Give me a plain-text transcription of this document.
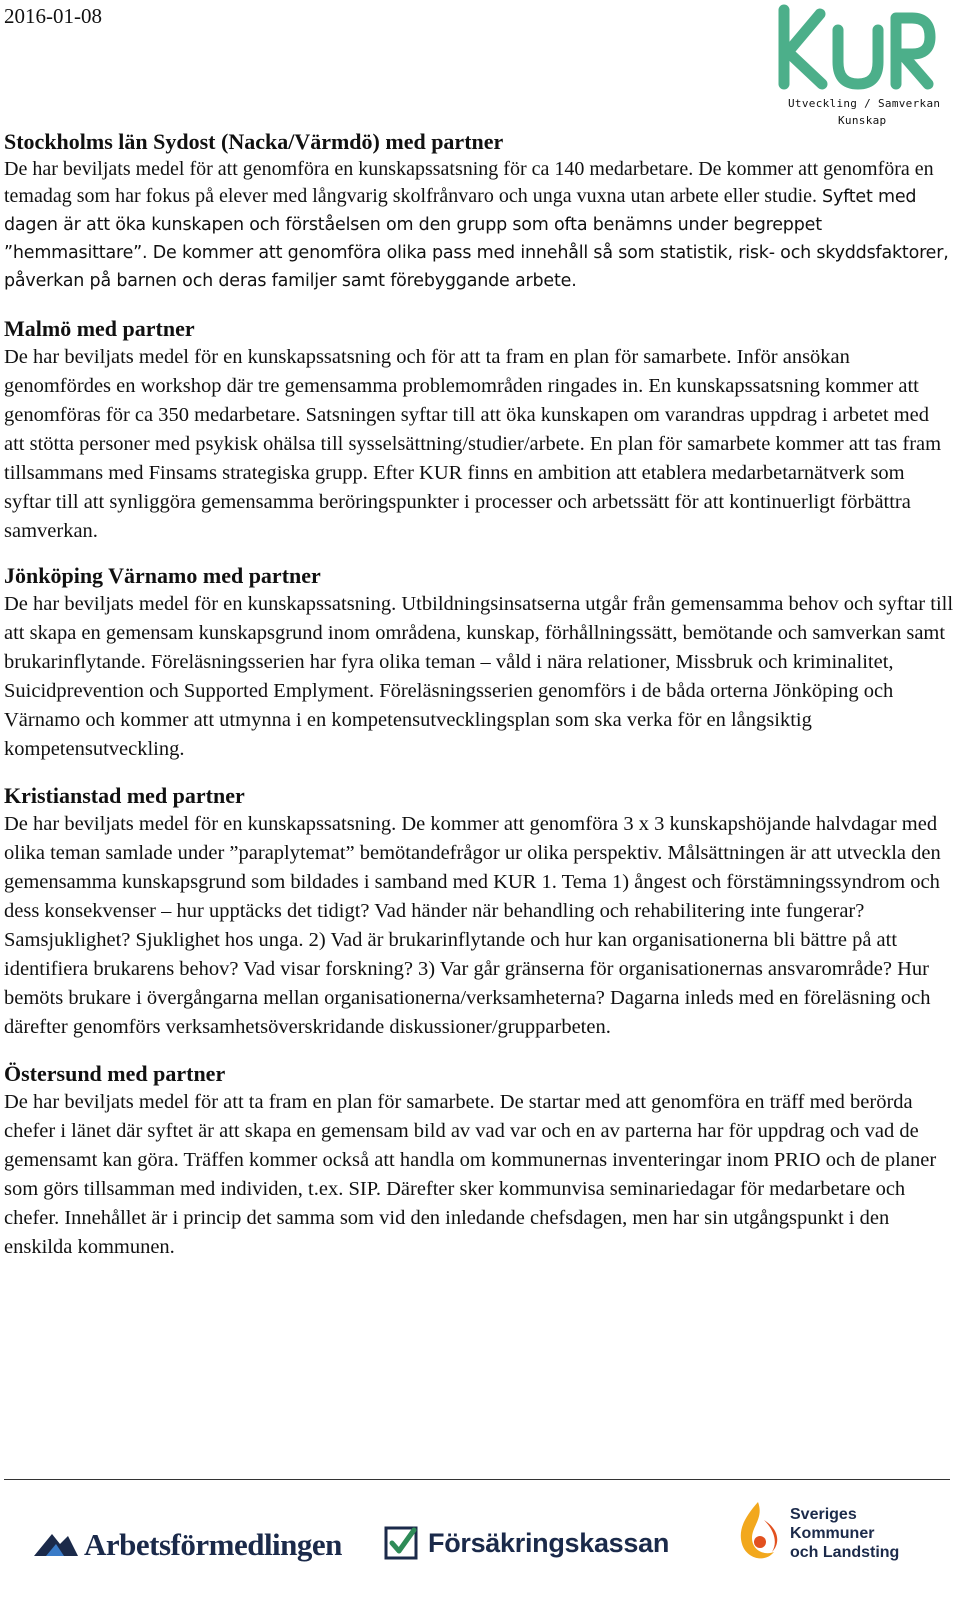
2016-01-08
Utveckling / Samverkan
Kunskap

Stockholms län Sydost (Nacka/Värmdö) med partner

De har beviljats medel för att genomföra en kunskapssatsning för ca 140 medarbetare. De kommer att genomföra en temadag som har fokus på elever med långvarig skolfrånvaro och unga vuxna utan arbete eller studie. Syftet med dagen är att öka kunskapen och förståelsen om den grupp som ofta benämns under begreppet ”hemmasittare”. De kommer att genomföra olika pass med innehåll så som statistik, risk- och skyddsfaktorer, påverkan på barnen och deras familjer samt förebyggande arbete.

Malmö med partner

De har beviljats medel för en kunskapssatsning och för att ta fram en plan för samarbete. Inför ansökan genomfördes en workshop där tre gemensamma problemområden ringades in. En kunskapssatsning kommer att genomföras för ca 350 medarbetare. Satsningen syftar till att öka kunskapen om varandras uppdrag i arbetet med att stötta personer med psykisk ohälsa till sysselsättning/studier/arbete. En plan för samarbete kommer att tas fram tillsammans med Finsams strategiska grupp. Efter KUR finns en ambition att etablera medarbetarnätverk som syftar till att synliggöra gemensamma beröringspunkter i processer och arbetssätt för att kontinuerligt förbättra samverkan.

Jönköping Värnamo med partner

De har beviljats medel för en kunskapssatsning. Utbildningsinsatserna utgår från gemensamma behov och syftar till att skapa en gemensam kunskapsgrund inom områdena, kunskap, förhållningssätt, bemötande och samverkan samt brukarinflytande. Föreläsningsserien har fyra olika teman – våld i nära relationer, Missbruk och kriminalitet, Suicidprevention och Supported Emplyment. Föreläsningsserien genomförs i de båda orterna Jönköping och Värnamo och kommer att utmynna i en kompetensutvecklingsplan som ska verka för en långsiktig kompetensutveckling.

Kristianstad med partner

De har beviljats medel för en kunskapssatsning. De kommer att genomföra 3 x 3 kunskapshöjande halvdagar med olika teman samlade under ”paraplytemat” bemötandefrågor ur olika perspektiv. Målsättningen är att utveckla den gemensamma kunskapsgrund som bildades i samband med KUR 1. Tema 1) ångest och förstämningssyndrom och dess konsekvenser – hur upptäcks det tidigt? Vad händer när behandling och rehabilitering inte fungerar? Samsjuklighet? Sjuklighet hos unga. 2) Vad är brukarinflytande och hur kan organisationerna bli bättre på att identifiera brukarens behov? Vad visar forskning? 3) Var går gränserna för organisationernas ansvarområde? Hur bemöts brukare i övergångarna mellan organisationerna/verksamheterna? Dagarna inleds med en föreläsning och därefter genomförs verksamhetsöverskridande diskussioner/grupparbeten.

Östersund med partner

De har beviljats medel för att ta fram en plan för samarbete. De startar med att genomföra en träff med berörda chefer i länet där syftet är att skapa en gemensam bild av vad var och en av parterna har för uppdrag och vad de gemensamt kan göra. Träffen kommer också att handla om kommunernas inventeringar inom PRIO och de planer som görs tillsamman med individen, t.ex. SIP. Därefter sker kommunvisa seminariedagar för medarbetare och chefer. Innehållet är i princip det samma som vid den inledande chefsdagen, men har sin utgångspunkt i den enskilda kommunen.

Arbetsförmedlingen	Försäkringskassan
Sveriges
Kommuner
och Landsting
